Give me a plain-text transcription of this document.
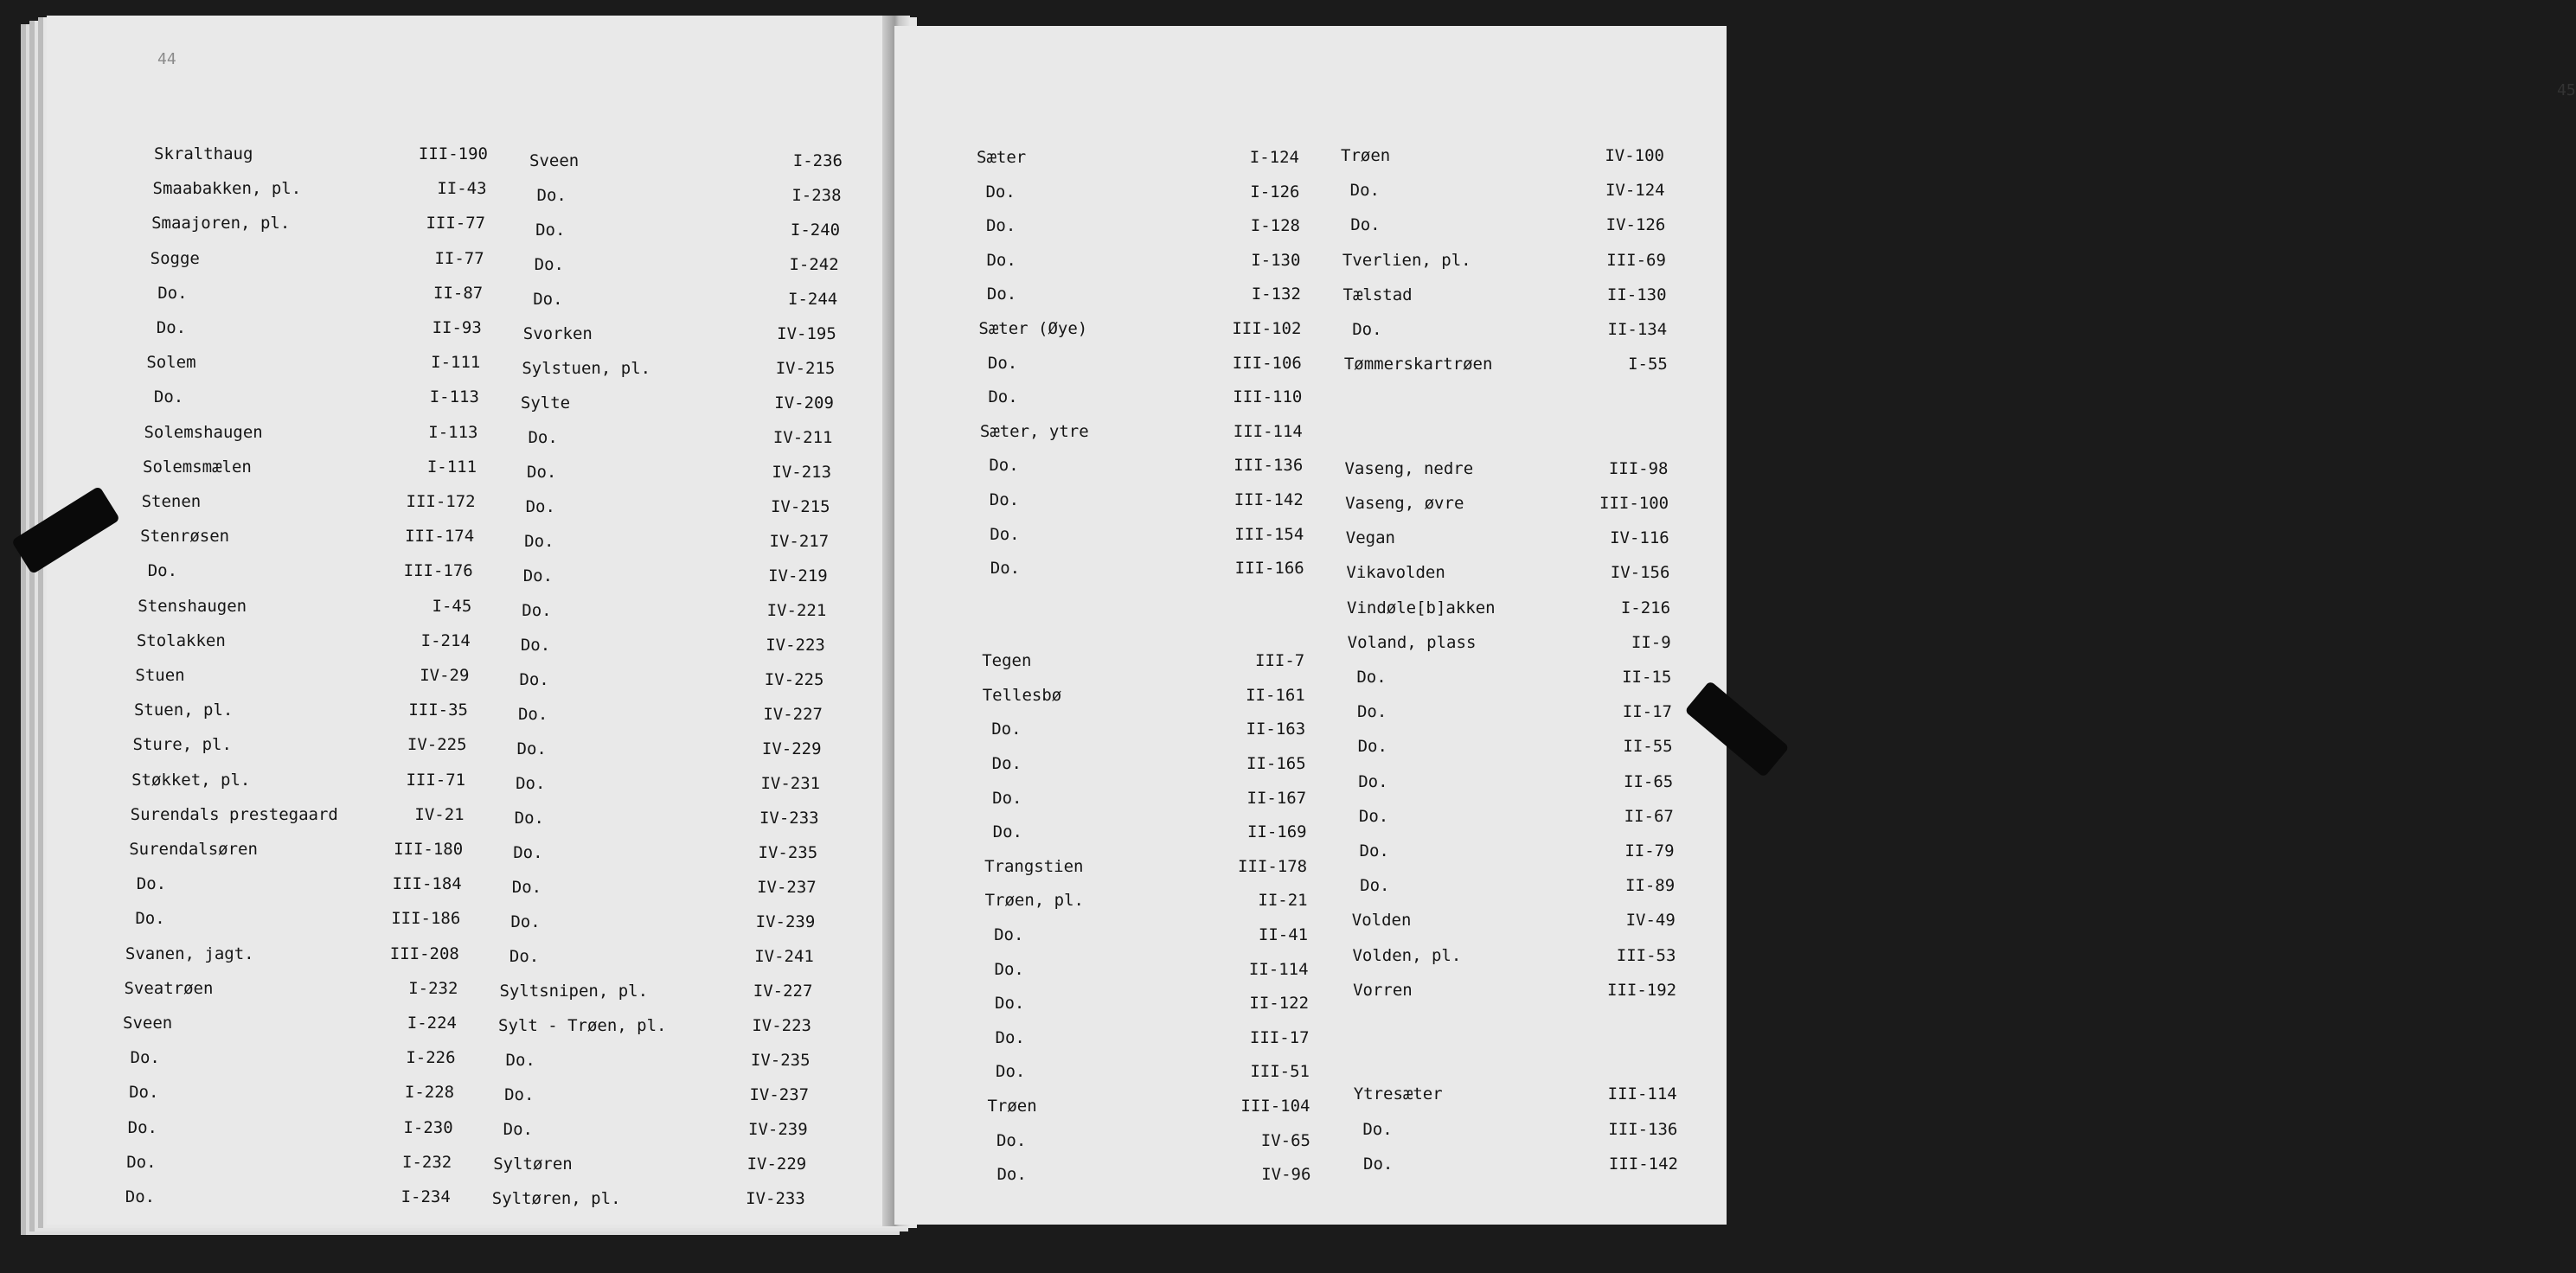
44
Skralthaug	III-190
Smaabakken, pl.	II-43
Smaajoren, pl.	III-77
Sogge	II-77
Do.	II-87
Do.	II-93
Solem	I-111
Do.	I-113
Solemshaugen	I-113
Solemsmælen	I-111
Stenen	III-172
Stenrøsen	III-174
Do.	III-176
Stenshaugen	I-45
Stolakken	I-214
Stuen	IV-29
Stuen, pl.	III-35
Sture, pl.	IV-225
Støkket, pl.	III-71
Surendals prestegaard	IV-21
Surendalsøren	III-180
Do.	III-184
Do.	III-186
Svanen, jagt.	III-208
Sveatrøen	I-232
Sveen	I-224
Do.	I-226
Do.	I-228
Do.	I-230
Do.	I-232
Do.	I-234
Sveen	I-236
Do.	I-238
Do.	I-240
Do.	I-242
Do.	I-244
Svorken	IV-195
Sylstuen, pl.	IV-215
Sylte	IV-209
Do.	IV-211
Do.	IV-213
Do.	IV-215
Do.	IV-217
Do.	IV-219
Do.	IV-221
Do.	IV-223
Do.	IV-225
Do.	IV-227
Do.	IV-229
Do.	IV-231
Do.	IV-233
Do.	IV-235
Do.	IV-237
Do.	IV-239
Do.	IV-241
Syltsnipen, pl.	IV-227
Sylt - Trøen, pl.	IV-223
Do.	IV-235
Do.	IV-237
Do.	IV-239
Syltøren	IV-229
Syltøren, pl.	IV-233
45
Sæter	I-124
Do.	I-126
Do.	I-128
Do.	I-130
Do.	I-132
Sæter (Øye)	III-102
Do.	III-106
Do.	III-110
Sæter, ytre	III-114
Do.	III-136
Do.	III-142
Do.	III-154
Do.	III-166
Tegen	III-7
Tellesbø	II-161
Do.	II-163
Do.	II-165
Do.	II-167
Do.	II-169
Trangstien	III-178
Trøen, pl.	II-21
Do.	II-41
Do.	II-114
Do.	II-122
Do.	III-17
Do.	III-51
Trøen	III-104
Do.	IV-65
Do.	IV-96
Trøen	IV-100
Do.	IV-124
Do.	IV-126
Tverlien, pl.	III-69
Tælstad	II-130
Do.	II-134
Tømmerskartrøen	I-55
Vaseng, nedre	III-98
Vaseng, øvre	III-100
Vegan	IV-116
Vikavolden	IV-156
Vindøle[b]akken	I-216
Voland, plass	II-9
Do.	II-15
Do.	II-17
Do.	II-55
Do.	II-65
Do.	II-67
Do.	II-79
Do.	II-89
Volden	IV-49
Volden, pl.	III-53
Vorren	III-192
Ytresæter	III-114
Do.	III-136
Do.	III-142
